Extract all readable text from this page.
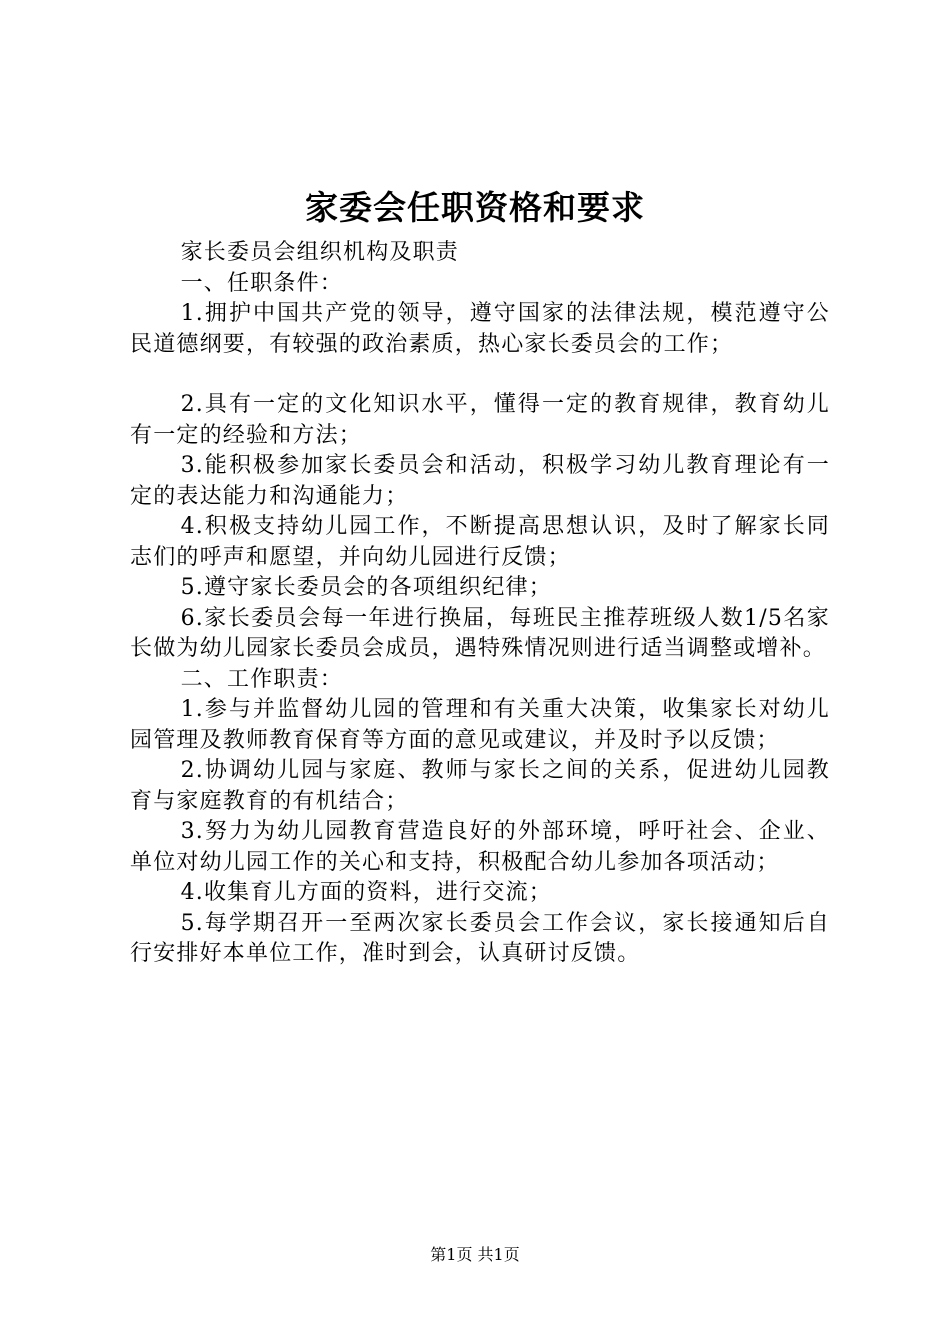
家委会任职资格和要求

家长委员会组织机构及职责

一、任职条件：

1.拥护中国共产党的领导，遵守国家的法律法规，模范遵守公民道德纲要，有较强的政治素质，热心家长委员会的工作；

2.具有一定的文化知识水平，懂得一定的教育规律，教育幼儿有一定的经验和方法；

3.能积极参加家长委员会和活动，积极学习幼儿教育理论有一定的表达能力和沟通能力；

4.积极支持幼儿园工作，不断提高思想认识，及时了解家长同志们的呼声和愿望，并向幼儿园进行反馈；

5.遵守家长委员会的各项组织纪律；

6.家长委员会每一年进行换届，每班民主推荐班级人数1/5名家长做为幼儿园家长委员会成员，遇特殊情况则进行适当调整或增补。

二、工作职责：

1.参与并监督幼儿园的管理和有关重大决策，收集家长对幼儿园管理及教师教育保育等方面的意见或建议，并及时予以反馈；

2.协调幼儿园与家庭、教师与家长之间的关系，促进幼儿园教育与家庭教育的有机结合；

3.努力为幼儿园教育营造良好的外部环境，呼吁社会、企业、单位对幼儿园工作的关心和支持，积极配合幼儿参加各项活动；

4.收集育儿方面的资料，进行交流；

5.每学期召开一至两次家长委员会工作会议，家长接通知后自行安排好本单位工作，准时到会，认真研讨反馈。

第1页 共1页
